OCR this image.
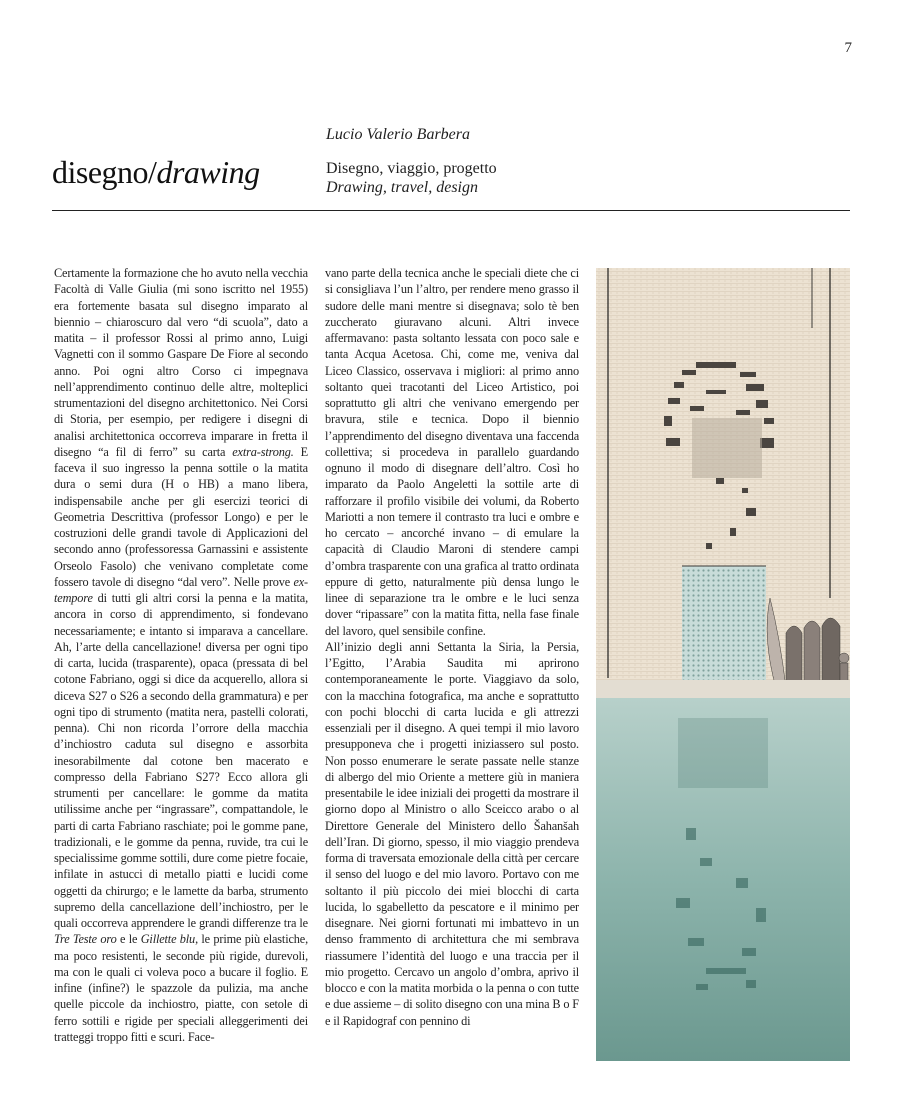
7
disegno/drawing
Lucio Valerio Barbera
Disegno, viaggio, progetto
Drawing, travel, design

Certamente la formazione che ho avuto nella vecchia Facoltà di Valle Giulia (mi sono iscritto nel 1955) era fortemente basata sul disegno imparato al biennio – chiaroscuro dal vero “di scuola”, dato a matita – il professor Rossi al primo anno, Luigi Vagnetti con il sommo Gaspare De Fiore al secondo anno. Poi ogni altro Corso ci impegnava nell’apprendimento continuo delle altre, molteplici strumentazioni del disegno architettonico. Nei Corsi di Storia, per esempio, per redigere i disegni di analisi architettonica occorreva imparare in fretta il disegno “a fil di ferro” su carta extra-strong. E faceva il suo ingresso la penna sottile o la matita dura o semi dura (H o HB) a mano libera, indispensabile anche per gli esercizi teorici di Geometria Descrittiva (professor Longo) e per le costruzioni delle grandi tavole di Applicazioni del secondo anno (professoressa Garnassini e assistente Orseolo Fasolo) che venivano completate come fossero tavole di disegno “dal vero”. Nelle prove ex-tempore di tutti gli altri corsi la penna e la matita, ancora in corso di apprendimento, si fondevano necessariamente; e intanto si imparava a cancellare. Ah, l’arte della cancellazione! diversa per ogni tipo di carta, lucida (trasparente), opaca (pressata di bel cotone Fabriano, oggi si dice da acquerello, allora si diceva S27 o S26 a secondo della grammatura) e per ogni tipo di strumento (matita nera, pastelli colorati, penna). Chi non ricorda l’orrore della macchia d’inchiostro caduta sul disegno e assorbita inesorabilmente dal cotone ben macerato e compresso della Fabriano S27? Ecco allora gli strumenti per cancellare: le gomme da matita utilissime anche per “ingrassare”, compattandole, le parti di carta Fabriano raschiate; poi le gomme pane, tradizionali, e le gomme da penna, ruvide, tra cui le specialissime gomme sottili, dure come pietre focaie, infilate in astucci di metallo piatti e lucidi come oggetti da chirurgo; e le lamette da barba, strumento supremo della cancellazione dell’inchiostro, per le quali occorreva apprendere le grandi differenze tra le Tre Teste oro e le Gillette blu, le prime più elastiche, ma poco resistenti, le seconde più rigide, durevoli, ma con le quali ci voleva poco a bucare il foglio. E infine (infine?) le spazzole da pulizia, ma anche quelle piccole da inchiostro, piatte, con setole di ferro sottili e rigide per speciali alleggerimenti dei tratteggi troppo fitti e scuri. Face-

vano parte della tecnica anche le speciali diete che ci si consigliava l’un l’altro, per rendere meno grasso il sudore delle mani mentre si disegnava; solo tè ben zuccherato giuravano alcuni. Altri invece affermavano: pasta soltanto lessata con poco sale e tanta Acqua Acetosa. Chi, come me, veniva dal Liceo Classico, osservava i migliori: al primo anno soltanto quei tracotanti del Liceo Artistico, poi soprattutto gli altri che venivano emergendo per bravura, stile e tecnica. Dopo il biennio l’apprendimento del disegno diventava una faccenda collettiva; si procedeva in parallelo guardando ognuno il modo di disegnare dell’altro. Così ho imparato da Paolo Angeletti la sottile arte di rafforzare il profilo visibile dei volumi, da Roberto Mariotti a non temere il contrasto tra luci e ombre e ho cercato – ancorché invano – di emulare la capacità di Claudio Maroni di stendere campi d’ombra trasparente con una grafica al tratto ordinata eppure di getto, naturalmente più densa lungo le linee di separazione tra le ombre e le luci senza dover “ripassare” con la matita fitta, nella fase finale del lavoro, quel sensibile confine.

All’inizio degli anni Settanta la Siria, la Persia, l’Egitto, l’Arabia Saudita mi aprirono contemporaneamente le porte. Viaggiavo da solo, con la macchina fotografica, ma anche e soprattutto con pochi blocchi di carta lucida e gli attrezzi essenziali per il disegno. A quei tempi il mio lavoro presupponeva che i progetti iniziassero sul posto. Non posso enumerare le serate passate nelle stanze di albergo del mio Oriente a mettere giù in maniera presentabile le idee iniziali dei progetti da mostrare il giorno dopo al Ministro o allo Sceicco arabo o al Direttore Generale del Ministero dello Šahanšah dell’Iran. Di giorno, spesso, il mio viaggio prendeva forma di traversata emozionale della città per cercare il senso del luogo e del mio lavoro. Portavo con me soltanto il più piccolo dei miei blocchi di carta lucida, lo sgabelletto da pescatore e il minimo per disegnare. Nei giorni fortunati mi imbattevo in un denso frammento di architettura che mi sembrava riassumere l’identità del luogo e una traccia per il mio progetto. Cercavo un angolo d’ombra, aprivo il blocco e con la matita morbida o la penna o con tutte e due assieme – di solito disegno con una mina B o F e il Rapidograf con pennino di
